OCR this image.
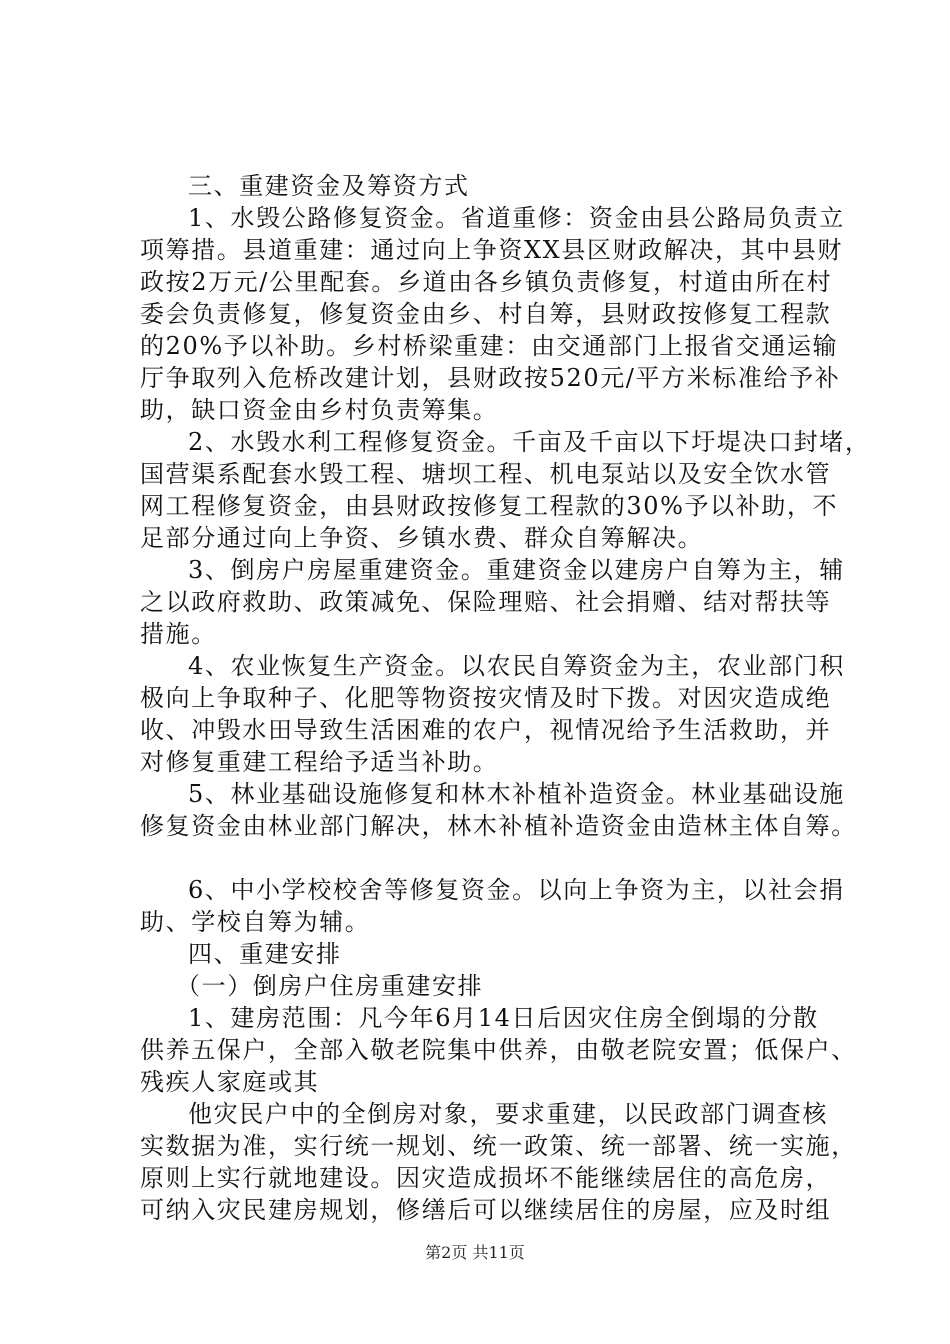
三、重建资金及筹资方式
1、水毁公路修复资金。省道重修：资金由县公路局负责立
项筹措。县道重建：通过向上争资XX县区财政解决，其中县财
政按2万元/公里配套。乡道由各乡镇负责修复，村道由所在村
委会负责修复，修复资金由乡、村自筹，县财政按修复工程款
的20%予以补助。乡村桥梁重建：由交通部门上报省交通运输
厅争取列入危桥改建计划，县财政按520元/平方米标准给予补
助，缺口资金由乡村负责筹集。
2、水毁水利工程修复资金。千亩及千亩以下圩堤决口封堵，
国营渠系配套水毁工程、塘坝工程、机电泵站以及安全饮水管
网工程修复资金，由县财政按修复工程款的30%予以补助，不
足部分通过向上争资、乡镇水费、群众自筹解决。
3、倒房户房屋重建资金。重建资金以建房户自筹为主，辅
之以政府救助、政策减免、保险理赔、社会捐赠、结对帮扶等
措施。
4、农业恢复生产资金。以农民自筹资金为主，农业部门积
极向上争取种子、化肥等物资按灾情及时下拨。对因灾造成绝
收、冲毁水田导致生活困难的农户，视情况给予生活救助，并
对修复重建工程给予适当补助。
5、林业基础设施修复和林木补植补造资金。林业基础设施
修复资金由林业部门解决，林木补植补造资金由造林主体自筹。
6、中小学校校舍等修复资金。以向上争资为主，以社会捐
助、学校自筹为辅。
四、重建安排
（一）倒房户住房重建安排
1、建房范围：凡今年6月14日后因灾住房全倒塌的分散
供养五保户，全部入敬老院集中供养，由敬老院安置；低保户、
残疾人家庭或其
他灾民户中的全倒房对象，要求重建，以民政部门调查核
实数据为准，实行统一规划、统一政策、统一部署、统一实施，
原则上实行就地建设。因灾造成损坏不能继续居住的高危房，
可纳入灾民建房规划，修缮后可以继续居住的房屋，应及时组
第2页 共11页
